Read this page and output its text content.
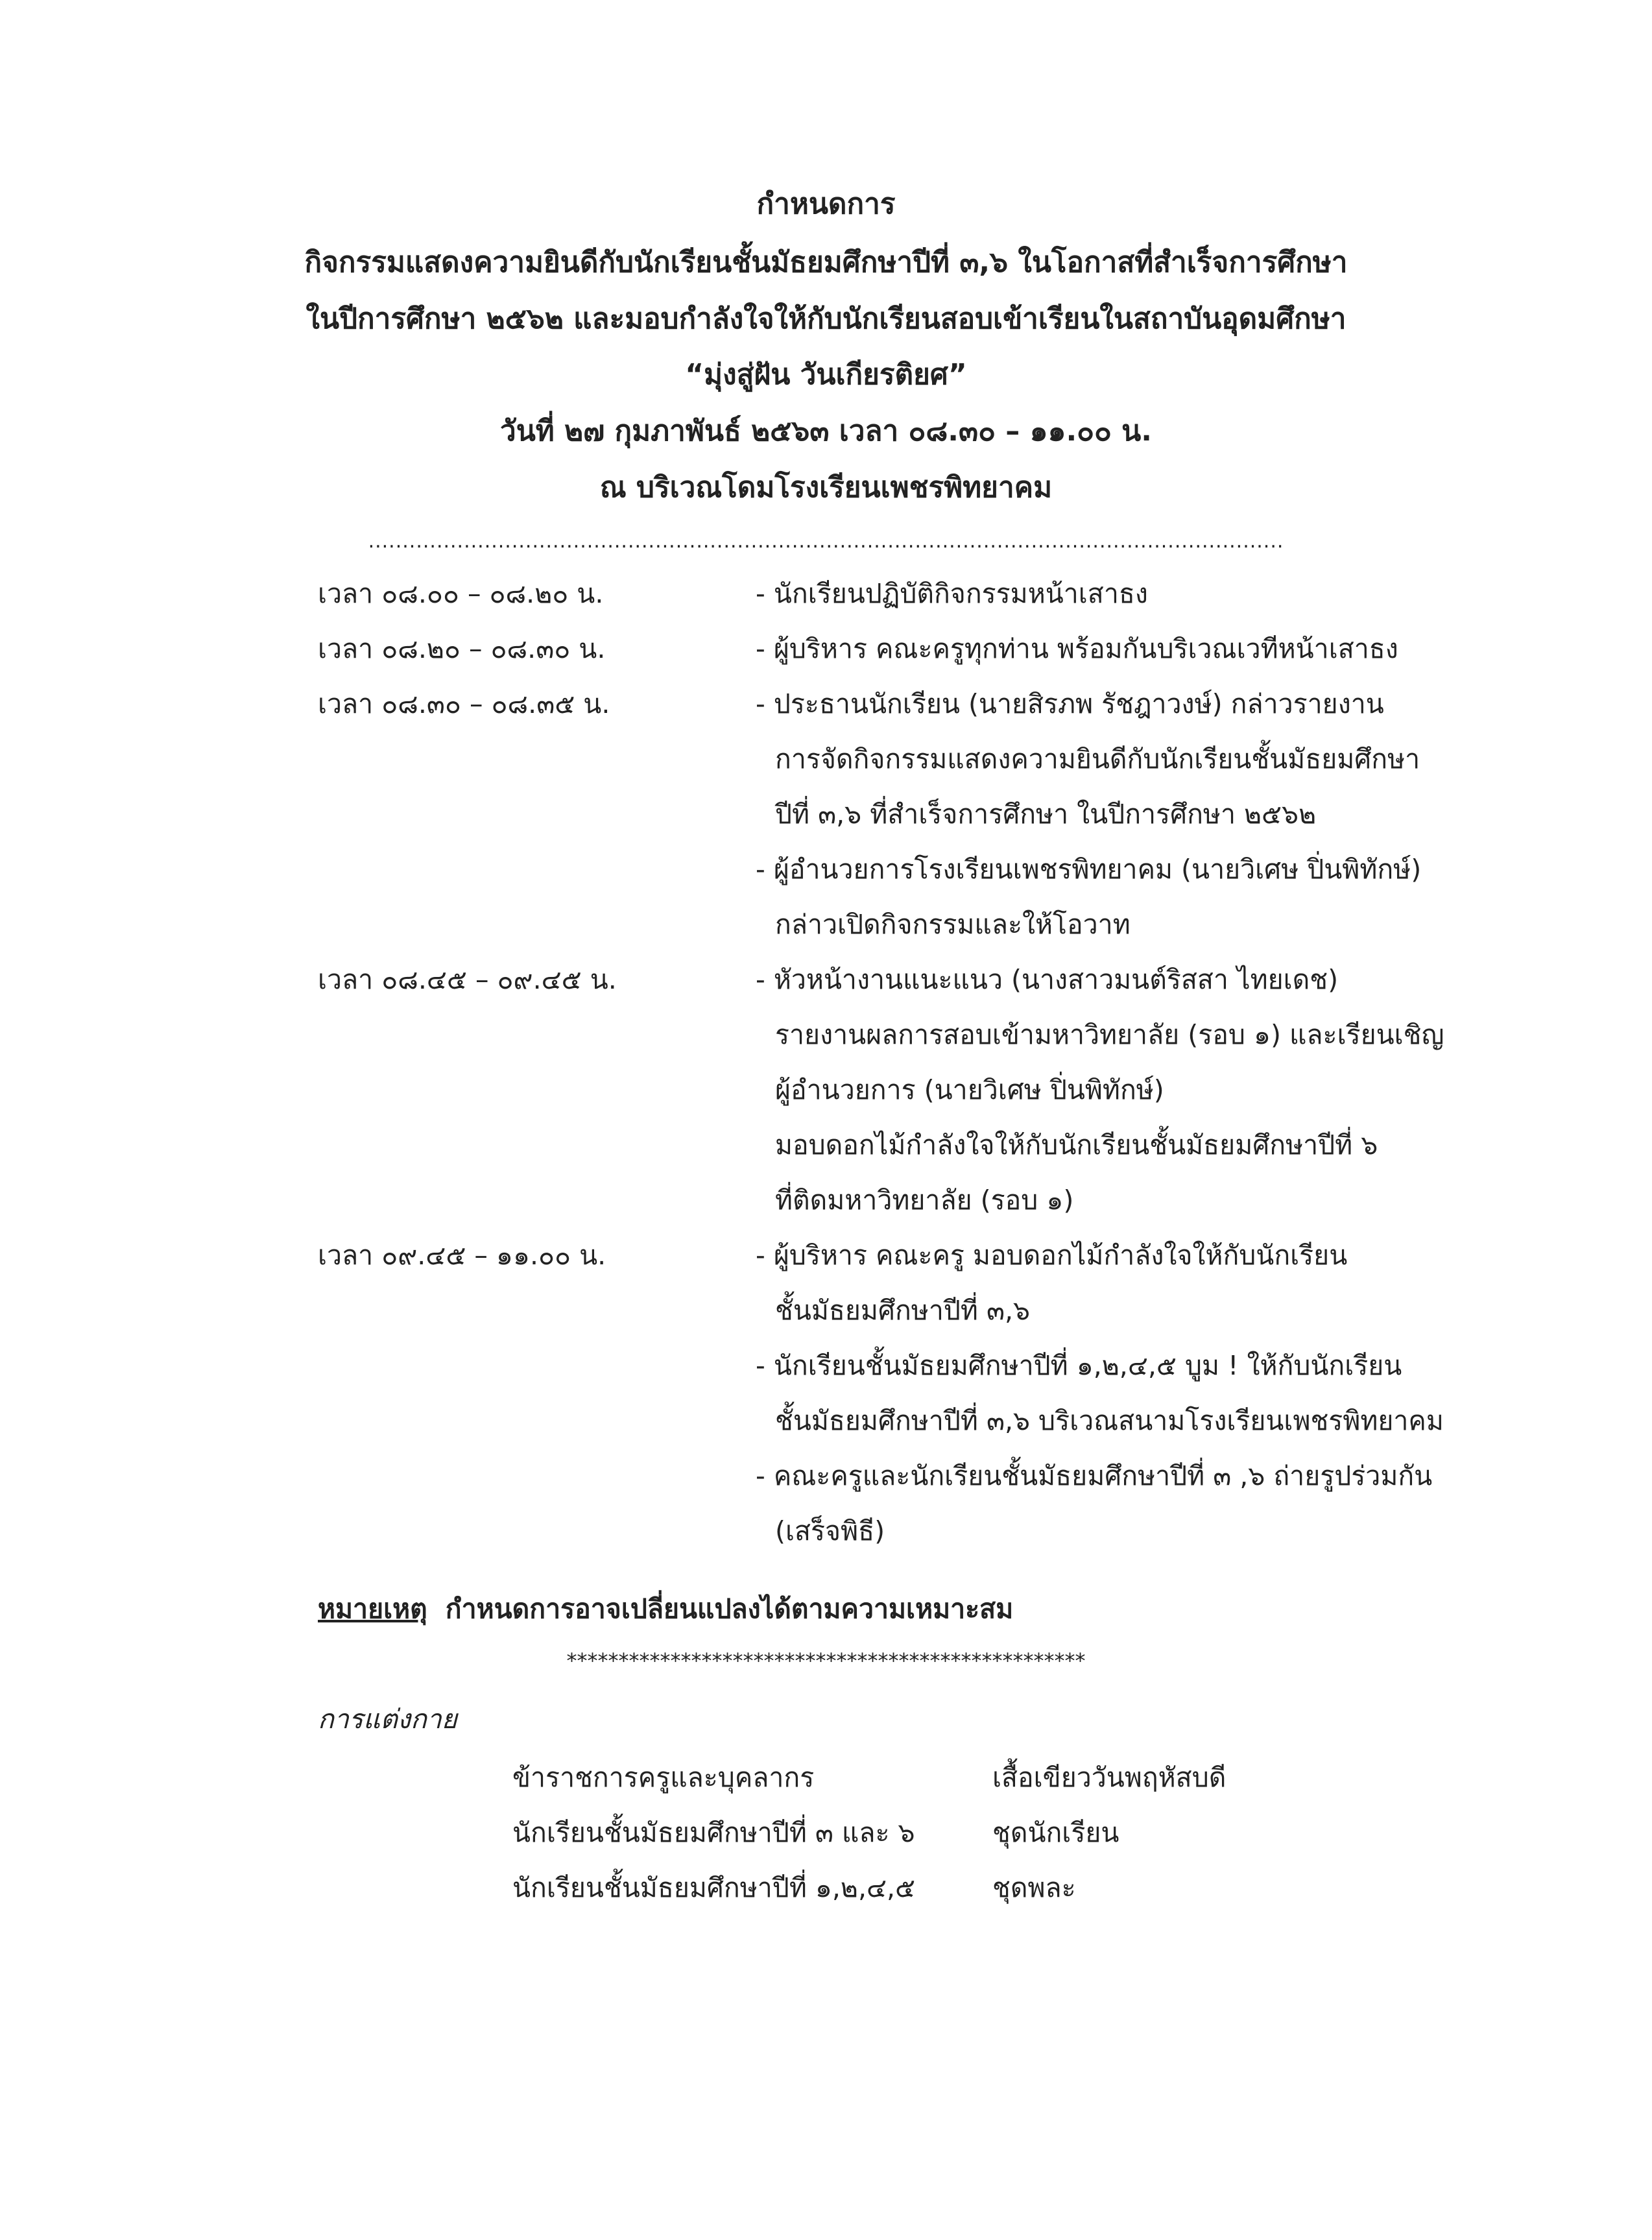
กำหนดการ
กิจกรรมแสดงความยินดีกับนักเรียนชั้นมัธยมศึกษาปีที่ ๓,๖ ในโอกาสที่สำเร็จการศึกษา
ในปีการศึกษา ๒๕๖๒ และมอบกำลังใจให้กับนักเรียนสอบเข้าเรียนในสถาบันอุดมศึกษา
“มุ่งสู่ฝัน วันเกียรติยศ”
วันที่ ๒๗ กุมภาพันธ์ ๒๕๖๓ เวลา ๐๘.๓๐ – ๑๑.๐๐ น.
ณ บริเวณโดมโรงเรียนเพชรพิทยาคม
......................................................................................................................................
เวลา ๐๘.๐๐ – ๐๘.๒๐ น.	- นักเรียนปฏิบัติกิจกรรมหน้าเสาธง
เวลา ๐๘.๒๐ – ๐๘.๓๐ น.	- ผู้บริหาร คณะครูทุกท่าน พร้อมกันบริเวณเวทีหน้าเสาธง
เวลา ๐๘.๓๐ – ๐๘.๓๕ น.	- ประธานนักเรียน (นายสิรภพ รัชฎาวงษ์) กล่าวรายงาน
การจัดกิจกรรมแสดงความยินดีกับนักเรียนชั้นมัธยมศึกษา
ปีที่ ๓,๖ ที่สำเร็จการศึกษา ในปีการศึกษา ๒๕๖๒
- ผู้อำนวยการโรงเรียนเพชรพิทยาคม (นายวิเศษ ปิ่นพิทักษ์)
กล่าวเปิดกิจกรรมและให้โอวาท
เวลา ๐๘.๔๕ – ๐๙.๔๕ น.	- หัวหน้างานแนะแนว (นางสาวมนต์ริสสา ไทยเดช)
รายงานผลการสอบเข้ามหาวิทยาลัย (รอบ ๑) และเรียนเชิญ
ผู้อำนวยการ (นายวิเศษ ปิ่นพิทักษ์)
มอบดอกไม้กำลังใจให้กับนักเรียนชั้นมัธยมศึกษาปีที่ ๖
ที่ติดมหาวิทยาลัย (รอบ ๑)
เวลา ๐๙.๔๕ – ๑๑.๐๐ น.	- ผู้บริหาร คณะครู มอบดอกไม้กำลังใจให้กับนักเรียน
ชั้นมัธยมศึกษาปีที่ ๓,๖
- นักเรียนชั้นมัธยมศึกษาปีที่ ๑,๒,๔,๕ บูม ! ให้กับนักเรียน
ชั้นมัธยมศึกษาปีที่ ๓,๖ บริเวณสนามโรงเรียนเพชรพิทยาคม
- คณะครูและนักเรียนชั้นมัธยมศึกษาปีที่ ๓ ,๖ ถ่ายรูปร่วมกัน
(เสร็จพิธี)
หมายเหตุ กำหนดการอาจเปลี่ยนแปลงได้ตามความเหมาะสม
**************************************************
การแต่งกาย
ข้าราชการครูและบุคลากร	เสื้อเขียววันพฤหัสบดี
นักเรียนชั้นมัธยมศึกษาปีที่ ๓ และ ๖	ชุดนักเรียน
นักเรียนชั้นมัธยมศึกษาปีที่ ๑,๒,๔,๕	ชุดพละ
